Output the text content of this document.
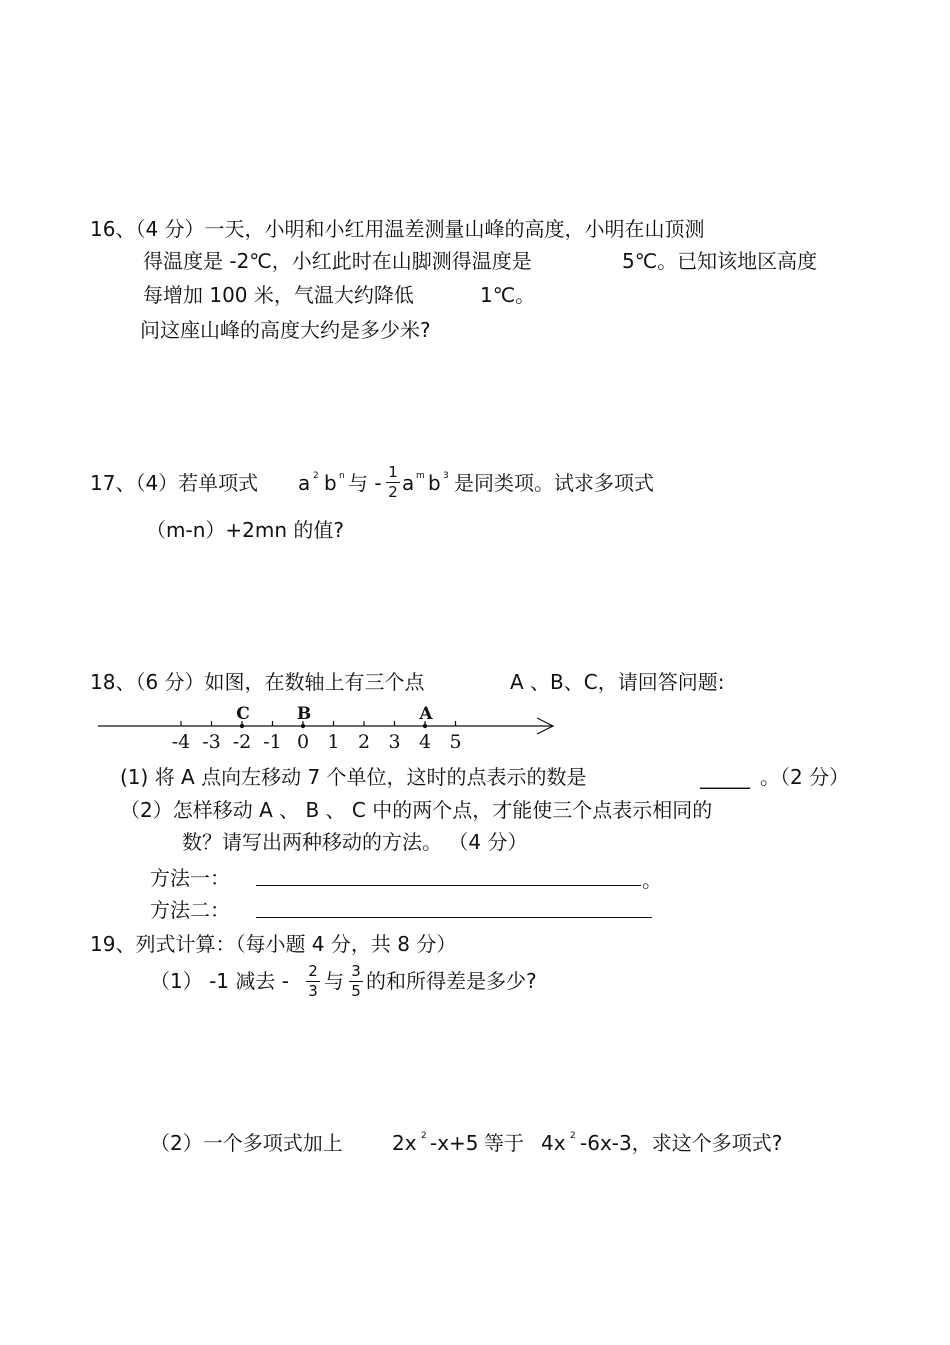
16、（4 分）一天，小明和小红用温差测量山峰的高度，小明在山顶测
得温度是 -2℃，小红此时在山脚测得温度是	5℃。已知该地区高度
每增加 100 米，气温大约降低	1℃。
问这座山峰的高度大约是多少米?
17、（4）若单项式 a 2 b n 与 - 1
2 a m b 3 是同类项。试求多项式
（m-n）+2mn 的值?
18、（6 分）如图，在数轴上有三个点	A 、B、C，请回答问题:
-4 -3 -2 -1 0 1 2 3 4 5
C	B	A
(1) 将 A 点向左移动 7 个单位，这时的点表示的数是	_____ 。（2 分）
（2）怎样移动 A 、 B 、 C 中的两个点，才能使三个点表示相同的
数？请写出两种移动的方法。 （4 分）
方法一：	。
方法二：
19、列式计算：（每小题 4 分，共 8 分）
（1） -1 减去 - 2
3 与 3
5 的和所得差是多少?
（2）一个多项式加上 2x 2 -x+5 等于 4x 2 -6x-3，求这个多项式?
